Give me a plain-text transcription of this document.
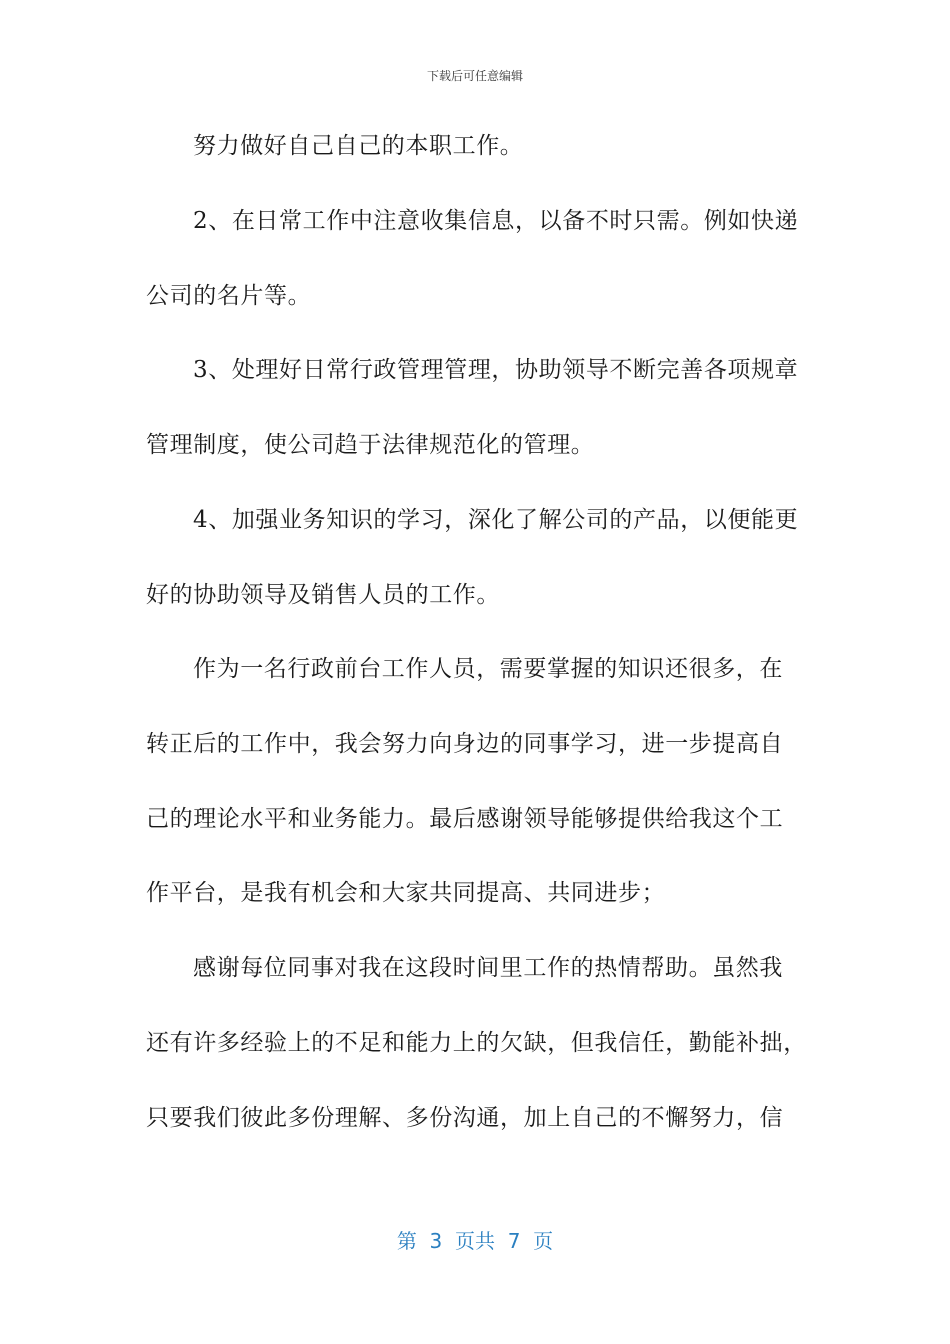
下载后可任意编辑
努力做好自己自己的本职工作。
2、在日常工作中注意收集信息，以备不时只需。例如快递
公司的名片等。
3、处理好日常行政管理管理，协助领导不断完善各项规章
管理制度，使公司趋于法律规范化的管理。
4、加强业务知识的学习，深化了解公司的产品，以便能更
好的协助领导及销售人员的工作。
作为一名行政前台工作人员，需要掌握的知识还很多，在
转正后的工作中，我会努力向身边的同事学习，进一步提高自
己的理论水平和业务能力。最后感谢领导能够提供给我这个工
作平台，是我有机会和大家共同提高、共同进步；
感谢每位同事对我在这段时间里工作的热情帮助。虽然我
还有许多经验上的不足和能力上的欠缺，但我信任，勤能补拙，
只要我们彼此多份理解、多份沟通，加上自己的不懈努力，信
第  3  页共  7  页
